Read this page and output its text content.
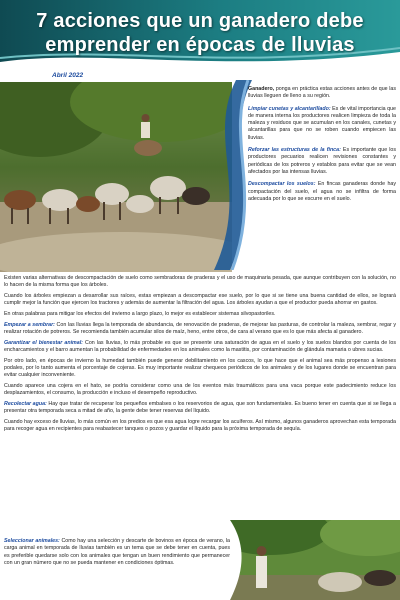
7 acciones que un ganadero debe
emprender en épocas de lluvias
Abril 2022

Ganadero, ponga en práctica estas acciones antes de que las lluvias lleguen de lleno a su región.

Limpiar cunetas y alcantarillado: Es de vital importancia que de manera interna los productores realicen limpieza de toda la maleza y residuos que se acumulan en los canales, cunetas y alcantarillas para que no se roben cuando empiecen las lluvias.

Reforzar las estructuras de la finca: Es importante que los productores pecuarios realicen revisiones constantes y periódicas de los potreros y establos para evitar que se vean afectados por las intensas lluvias.

Descompactar los suelos: En fincas ganaderas donde hay compactación del suelo, el agua no se infiltra de forma adecuada por lo que se escurre en el suelo.

Existen varias alternativas de descompactación de suelo como sembradoras de praderas y el uso de maquinaria pesada, que aunque contribuyen con la solución, no lo hacen de la misma forma que los árboles.

Cuando los árboles empiezan a desarrollar sus raíces, estas empiezan a descompactar ese suelo, por lo que si se tiene una buena cantidad de ellos, se logrará cumplir mejor la función que ejercen los tractores y además de aumentar la filtración del agua. Los árboles ayudan a que el productor pueda ahorrar en gastos.

En otras palabras para mitigar los efectos del invierno a largo plazo, lo mejor es establecer sistemas silvopastoriles.

Empezar a sembrar: Con las lluvias llega la temporada de abundancia, de renovación de praderas, de mejorar las pasturas, de controlar la maleza, sembrar, regar y realizar rotación de potreros. Se recomienda también acumular silos de maíz, heno, entre otros, de cara al verano que es lo que más afecta al ganadero.

Garantizar el bienestar animal: Con las lluvias, lo más probable es que se presente una saturación de agua en el suelo y los suelos blandos por cuenta de los encharcamientos y el barro aumentan la probabilidad de enfermedades en los animales como la mastitis, por contaminación de glándula mamaria o ubres sucias.

Por otro lado, en épocas de invierno la humedad también puede generar debilitamiento en los cascos, lo que hace que el animal sea más propenso a lesiones podales, por lo tanto aumenta el porcentaje de cojeras. Es muy importante realizar chequeos periódicos de los animales y de los lugares donde se encuentran para evitar cualquier inconveniente.

Cuando aparece una cojera en el hato, se podría considerar como una de los eventos más traumáticos para una vaca porque este padecimiento reduce los desplazamientos, el consumo, la producción e incluso el desempeño reproductivo.

Recolectar agua: Hay que tratar de recuperar los pequeños embalses o los reservorios de agua, que son fundamentales. Es bueno tener en cuenta que si se llega a presentar otra temporada seca a mitad de año, la gente debe tener reservas del líquido.

Cuando hay exceso de lluvias, lo más común en los predios es que esa agua logre recargar los acuíferos. Así mismo, algunos ganaderos aprovechan esta temporada para recoger agua en recipientes para reabastecer tanques o pozos y guardar el líquido para la próxima temporada de sequía.

Seleccionar animales: Como hay una selección y descarte de bovinos en época de verano, la carga animal en temporada de lluvias también es un tema que se debe tener en cuenta, pues es preferible quedarse solo con los animales que tengan un buen rendimiento que permanecer con un gran número que no se pueda mantener en condiciones óptimas.
